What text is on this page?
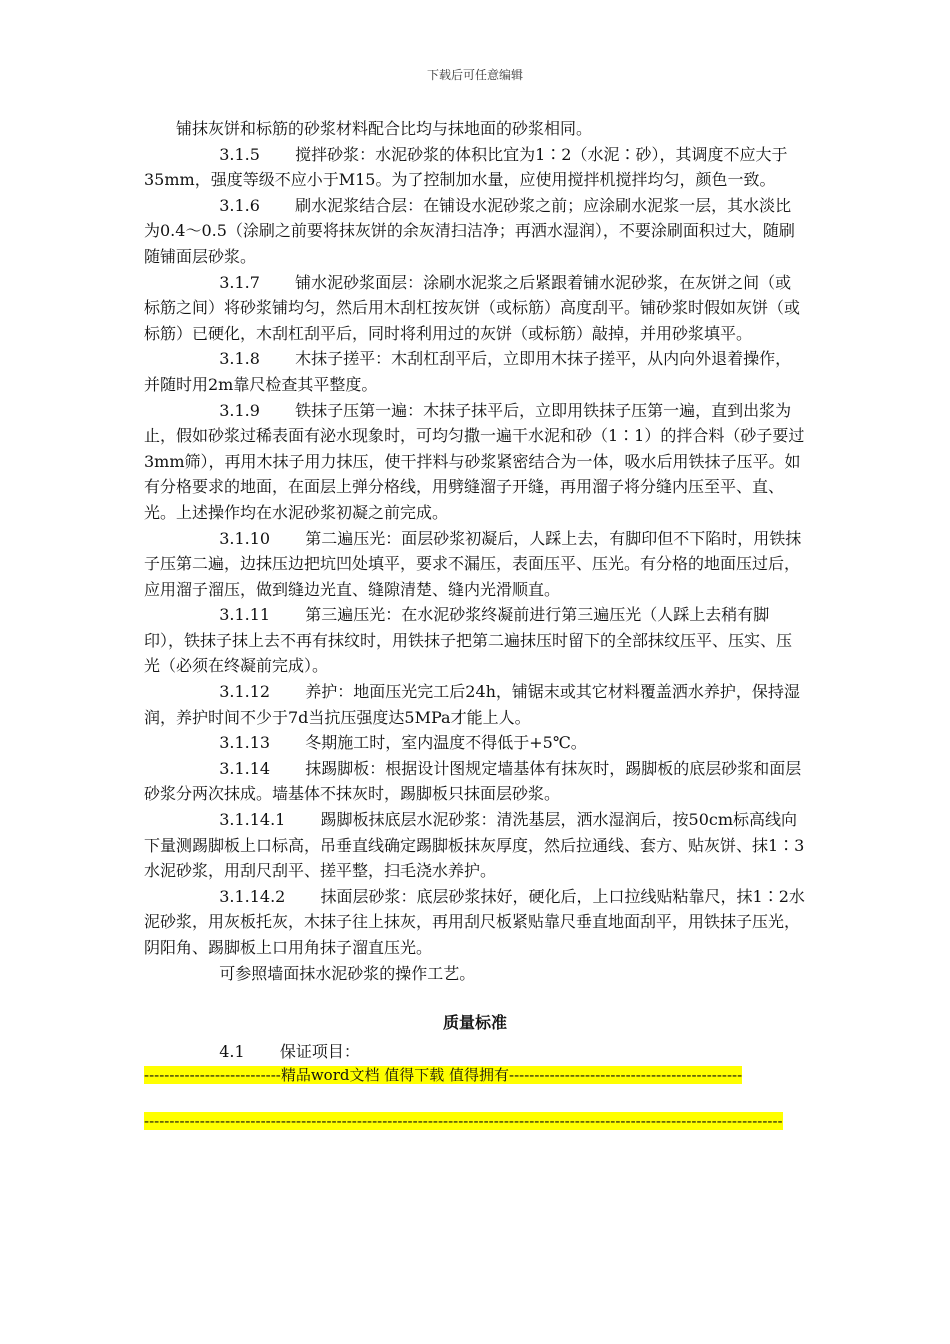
下载后可任意编辑

铺抹灰饼和标筋的砂浆材料配合比均与抹地面的砂浆相同。

3.1.5 搅拌砂浆：水泥砂浆的体积比宜为1∶2（水泥∶砂），其调度不应大于35mm，强度等级不应小于M15。为了控制加水量，应使用搅拌机搅拌均匀，颜色一致。

3.1.6 刷水泥浆结合层：在铺设水泥砂浆之前；应涂刷水泥浆一层，其水淡比为0.4～0.5（涂刷之前要将抹灰饼的余灰清扫洁净；再洒水湿润），不要涂刷面积过大，随刷随铺面层砂浆。

3.1.7 铺水泥砂浆面层：涂刷水泥浆之后紧跟着铺水泥砂浆，在灰饼之间（或标筋之间）将砂浆铺均匀，然后用木刮杠按灰饼（或标筋）高度刮平。铺砂浆时假如灰饼（或标筋）已硬化，木刮杠刮平后，同时将利用过的灰饼（或标筋）敲掉，并用砂浆填平。

3.1.8 木抹子搓平：木刮杠刮平后，立即用木抹子搓平，从内向外退着操作，并随时用2m靠尺检查其平整度。

3.1.9 铁抹子压第一遍：木抹子抹平后，立即用铁抹子压第一遍，直到出浆为止，假如砂浆过稀表面有泌水现象时，可均匀撒一遍干水泥和砂（1∶1）的拌合料（砂子要过3mm筛），再用木抹子用力抹压，使干拌料与砂浆紧密结合为一体，吸水后用铁抹子压平。如有分格要求的地面，在面层上弹分格线，用劈缝溜子开缝，再用溜子将分缝内压至平、直、光。上述操作均在水泥砂浆初凝之前完成。

3.1.10 第二遍压光：面层砂浆初凝后，人踩上去，有脚印但不下陷时，用铁抹子压第二遍，边抹压边把坑凹处填平，要求不漏压，表面压平、压光。有分格的地面压过后，应用溜子溜压，做到缝边光直、缝隙清楚、缝内光滑顺直。

3.1.11 第三遍压光：在水泥砂浆终凝前进行第三遍压光（人踩上去稍有脚印），铁抹子抹上去不再有抹纹时，用铁抹子把第二遍抹压时留下的全部抹纹压平、压实、压光（必须在终凝前完成）。

3.1.12 养护：地面压光完工后24h，铺锯末或其它材料覆盖洒水养护，保持湿润，养护时间不少于7d当抗压强度达5MPa才能上人。

3.1.13 冬期施工时，室内温度不得低于+5℃。

3.1.14 抹踢脚板：根据设计图规定墙基体有抹灰时，踢脚板的底层砂浆和面层砂浆分两次抹成。墙基体不抹灰时，踢脚板只抹面层砂浆。

3.1.14.1 踢脚板抹底层水泥砂浆：清洗基层，洒水湿润后，按50cm标高线向下量测踢脚板上口标高，吊垂直线确定踢脚板抹灰厚度，然后拉通线、套方、贴灰饼、抹1∶3水泥砂浆，用刮尺刮平、搓平整，扫毛浇水养护。

3.1.14.2 抹面层砂浆：底层砂浆抹好，硬化后，上口拉线贴粘靠尺，抹1∶2水泥砂浆，用灰板托灰，木抹子往上抹灰，再用刮尺板紧贴靠尺垂直地面刮平，用铁抹子压光，阴阳角、踢脚板上口用角抹子溜直压光。

可参照墙面抹水泥砂浆的操作工艺。

质量标准

4.1 保证项目：

---------------------------精品word文档 值得下载 值得拥有----------------------------------------------

------------------------------------------------------------------------------------------------------------------------------
